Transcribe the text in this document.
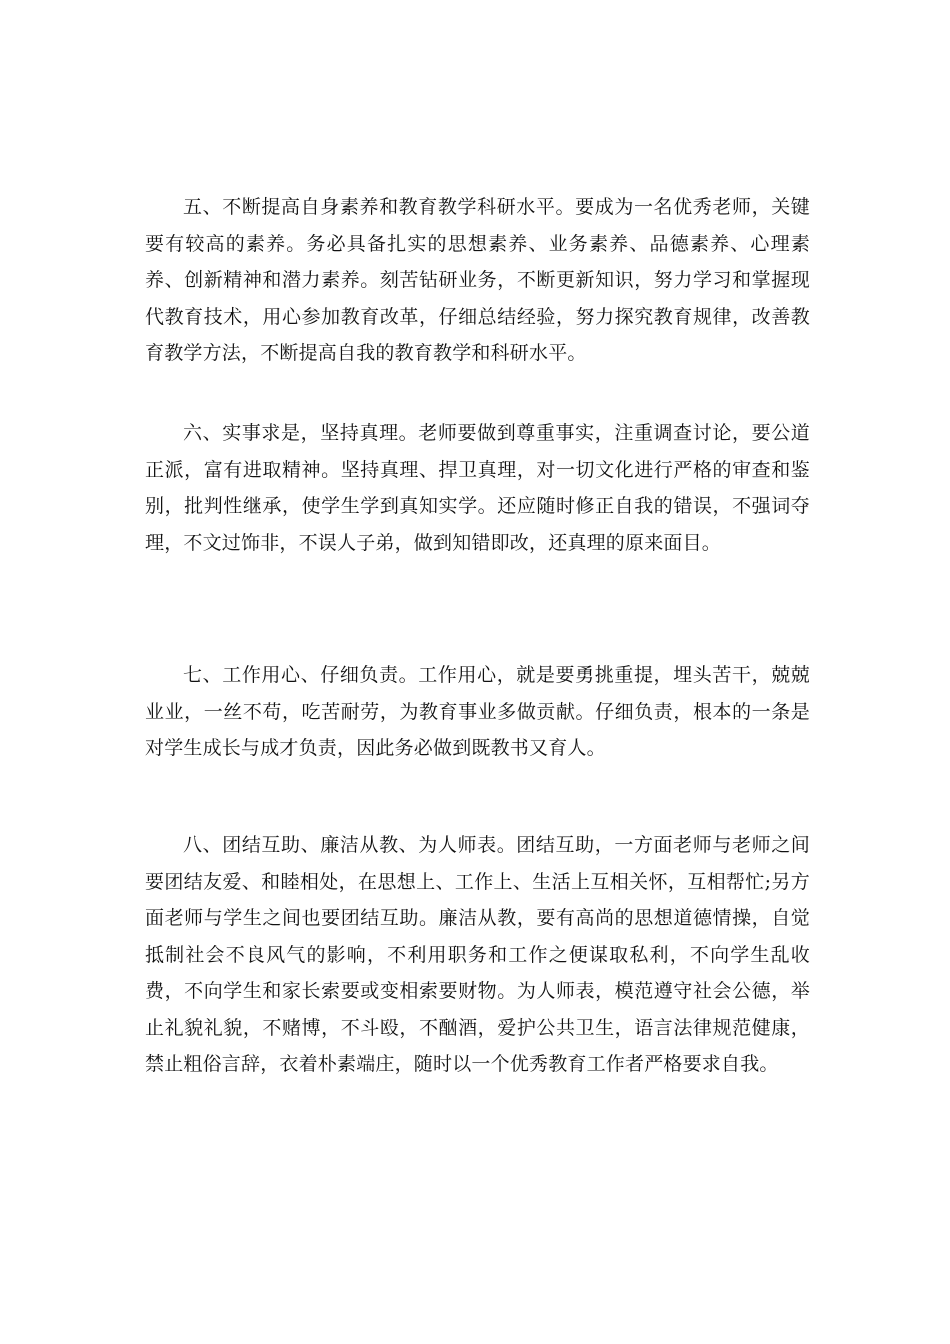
五、不断提高自身素养和教育教学科研水平。要成为一名优秀老师，关键要有较高的素养。务必具备扎实的思想素养、业务素养、品德素养、心理素养、创新精神和潜力素养。刻苦钻研业务，不断更新知识，努力学习和掌握现代教育技术，用心参加教育改革，仔细总结经验，努力探究教育规律，改善教育教学方法，不断提高自我的教育教学和科研水平。

六、实事求是，坚持真理。老师要做到尊重事实，注重调查讨论，要公道正派，富有进取精神。坚持真理、捍卫真理，对一切文化进行严格的审查和鉴别，批判性继承，使学生学到真知实学。还应随时修正自我的错误，不强词夺理，不文过饰非，不误人子弟，做到知错即改，还真理的原来面目。

七、工作用心、仔细负责。工作用心，就是要勇挑重提，埋头苦干，兢兢业业，一丝不苟，吃苦耐劳，为教育事业多做贡献。仔细负责，根本的一条是对学生成长与成才负责，因此务必做到既教书又育人。

八、团结互助、廉洁从教、为人师表。团结互助，一方面老师与老师之间要团结友爱、和睦相处，在思想上、工作上、生活上互相关怀，互相帮忙;另方面老师与学生之间也要团结互助。廉洁从教，要有高尚的思想道德情操，自觉抵制社会不良风气的影响，不利用职务和工作之便谋取私利，不向学生乱收费，不向学生和家长索要或变相索要财物。为人师表，模范遵守社会公德，举止礼貌礼貌，不赌博，不斗殴，不酗酒，爱护公共卫生，语言法律规范健康，禁止粗俗言辞，衣着朴素端庄，随时以一个优秀教育工作者严格要求自我。
